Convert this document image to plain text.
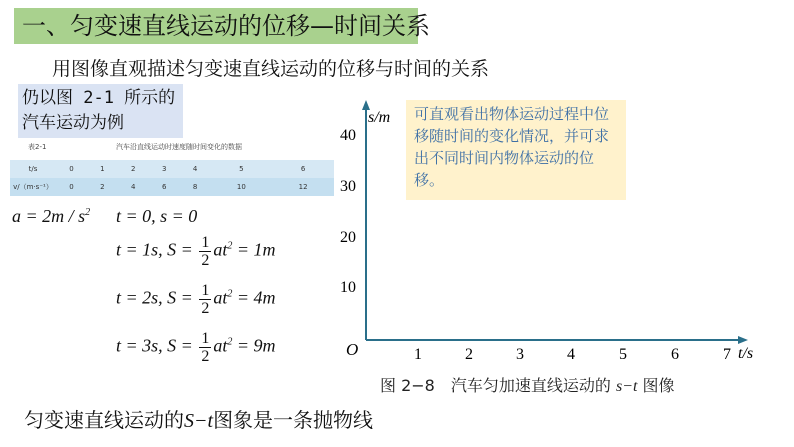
一、匀变速直线运动的位移—时间关系
用图像直观描述匀变速直线运动的位移与时间的关系
仍以图 2-1 所示的
汽车运动为例
表2-1	汽车沿直线运动时速度随时间变化的数据
t/s	0	1	2	3	4	5	6
v/（m·s⁻¹）	0	2	4	6	8	10	12
$a = 2m / s^2$ t = 0, s = 0
t = 1s, $S = \frac{1}{2} at^2 = 1m$
t = 2s, $S = \frac{1}{2} at^2 = 4m$
t = 3s, $S = \frac{1}{2} at^2 = 9m$	O
s/m
t/s
10
20
30
40
1	2	3	4	5	6	7
可直观看出物体运动过程中位移随时间的变化情况，并可求出不同时间内物体运动的位移。
图 2−8　汽车匀加速直线运动的 s−t 图像
匀变速直线运动的S−t图象是一条抛物线
